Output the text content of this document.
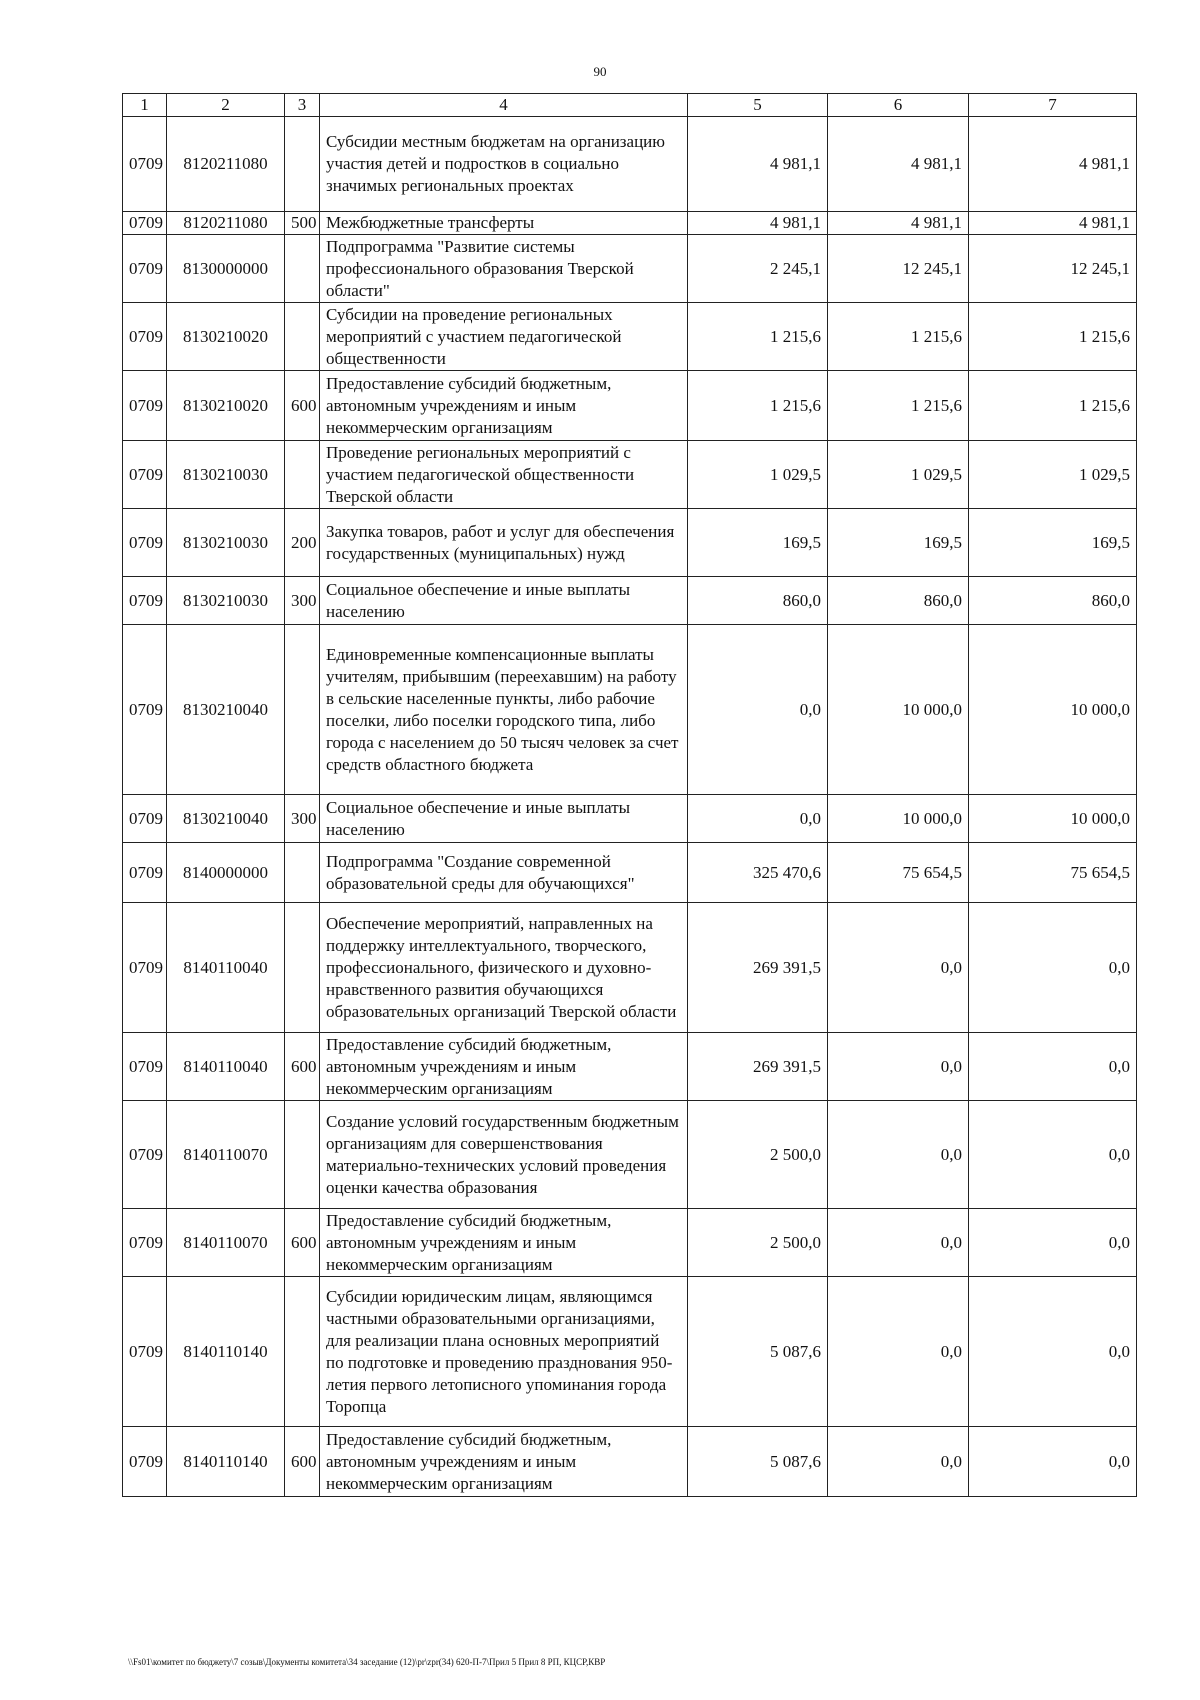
90
1	2	3	4	5	6	7
0709	8120211080		Субсидии местным бюджетам на организацию участия детей и подростков в социально значимых региональных проектах	4 981,1	4 981,1	4 981,1
0709	8120211080	500	Межбюджетные трансферты	4 981,1	4 981,1	4 981,1
0709	8130000000		Подпрограмма "Развитие системы профессионального образования Тверской области"	2 245,1	12 245,1	12 245,1
0709	8130210020		Субсидии на проведение региональных мероприятий с участием педагогической общественности	1 215,6	1 215,6	1 215,6
0709	8130210020	600	Предоставление субсидий бюджетным, автономным учреждениям и иным некоммерческим организациям	1 215,6	1 215,6	1 215,6
0709	8130210030		Проведение региональных мероприятий с участием педагогической общественности Тверской области	1 029,5	1 029,5	1 029,5
0709	8130210030	200	Закупка товаров, работ и услуг для обеспечения государственных (муниципальных) нужд	169,5	169,5	169,5
0709	8130210030	300	Социальное обеспечение и иные выплаты населению	860,0	860,0	860,0
0709	8130210040		Единовременные компенсационные выплаты учителям, прибывшим (переехавшим) на работу в сельские населенные пункты, либо рабочие поселки, либо поселки городского типа, либо города с населением до 50 тысяч человек за счет средств областного бюджета	0,0	10 000,0	10 000,0
0709	8130210040	300	Социальное обеспечение и иные выплаты населению	0,0	10 000,0	10 000,0
0709	8140000000		Подпрограмма "Создание современной образовательной среды для обучающихся"	325 470,6	75 654,5	75 654,5
0709	8140110040		Обеспечение мероприятий, направленных на поддержку интеллектуального, творческого, профессионального, физического и духовно-нравственного развития обучающихся образовательных организаций Тверской области	269 391,5	0,0	0,0
0709	8140110040	600	Предоставление субсидий бюджетным, автономным учреждениям и иным некоммерческим организациям	269 391,5	0,0	0,0
0709	8140110070		Создание условий государственным бюджетным организациям для совершенствования материально-технических условий проведения оценки качества образования	2 500,0	0,0	0,0
0709	8140110070	600	Предоставление субсидий бюджетным, автономным учреждениям и иным некоммерческим организациям	2 500,0	0,0	0,0
0709	8140110140		Субсидии юридическим лицам, являющимся частными образовательными организациями, для реализации плана основных мероприятий по подготовке и проведению празднования 950-летия первого летописного упоминания города Торопца	5 087,6	0,0	0,0
0709	8140110140	600	Предоставление субсидий бюджетным, автономным учреждениям и иным некоммерческим организациям	5 087,6	0,0	0,0
\\Fs01\комитет по бюджету\7 созыв\Документы комитета\34 заседание (12)\pr\zpr(34) 620-П-7\Прил 5 Прил 8 РП, КЦСР,КВР
